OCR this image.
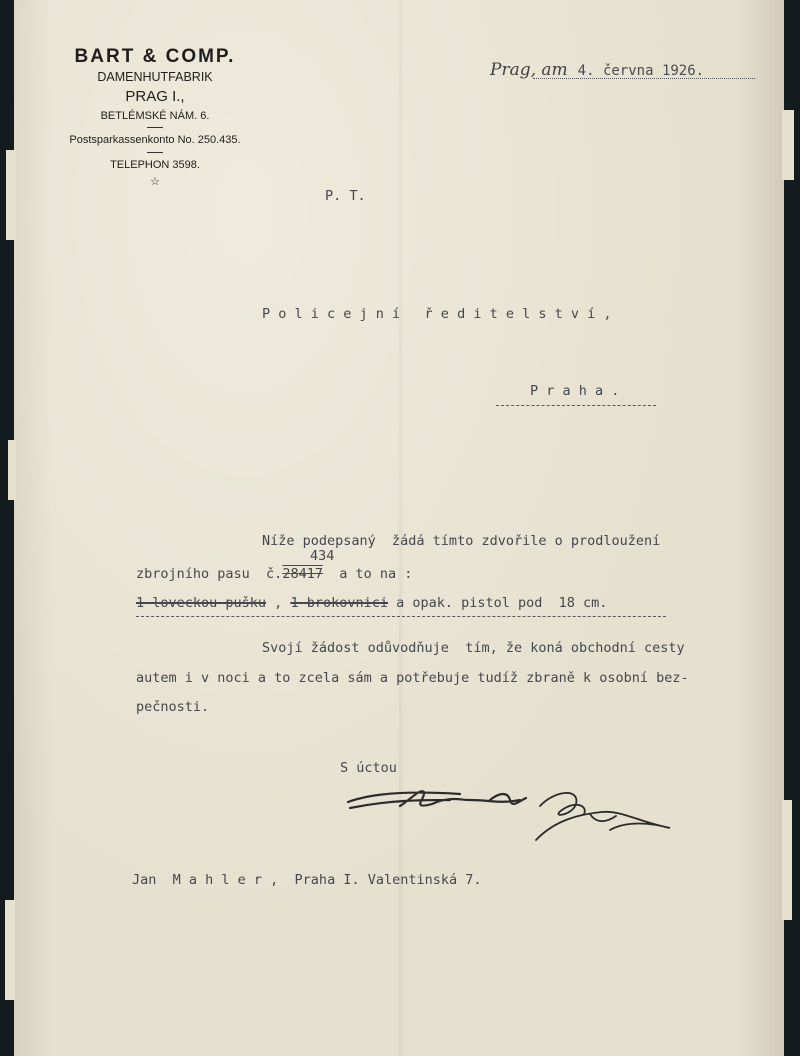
BART & COMP.
DAMENHUTFABRIK
PRAG I.,
BETLÉMSKÉ NÁM. 6.
Postsparkassenkonto No. 250.435.
TELEPHON 3598.
☆
Prag, am 4. června 1926.
P. T.
P o l i c e j n í   ř e d i t e l s t v í ,
P r a h a .
Níže podepsaný  žádá tímto zdvořile o prodloužení
434
zbrojního pasu  č.28417  a to na :
1 loveckou pušku , 1 brokovnici a opak. pistol pod  18 cm.
Svojí žádost odůvodňuje  tím, že koná obchodní cesty
autem i v noci a to zcela sám a potřebuje tudíž zbraně k osobní bez-
pečnosti.
S úctou
Jan  M a h l e r ,  Praha I. Valentinská 7.
